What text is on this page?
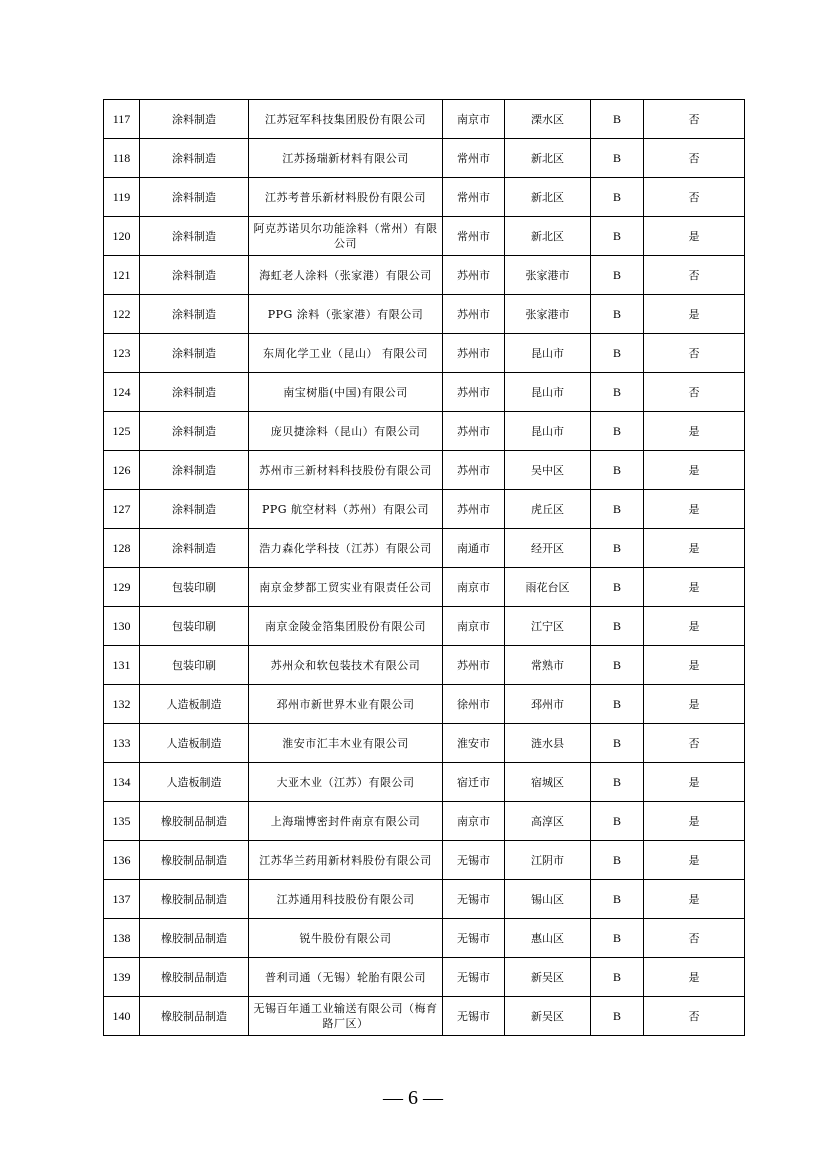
117	涂料制造	江苏冠军科技集团股份有限公司	南京市	溧水区	B	否
118	涂料制造	江苏扬瑞新材料有限公司	常州市	新北区	B	否
119	涂料制造	江苏考普乐新材料股份有限公司	常州市	新北区	B	否
120	涂料制造	阿克苏诺贝尔功能涂料（常州）有限公司	常州市	新北区	B	是
121	涂料制造	海虹老人涂料（张家港）有限公司	苏州市	张家港市	B	否
122	涂料制造	PPG 涂料（张家港）有限公司	苏州市	张家港市	B	是
123	涂料制造	东周化学工业（昆山） 有限公司	苏州市	昆山市	B	否
124	涂料制造	南宝树脂(中国)有限公司	苏州市	昆山市	B	否
125	涂料制造	庞贝捷涂料（昆山）有限公司	苏州市	昆山市	B	是
126	涂料制造	苏州市三新材料科技股份有限公司	苏州市	吴中区	B	是
127	涂料制造	PPG 航空材料（苏州）有限公司	苏州市	虎丘区	B	是
128	涂料制造	浩力森化学科技（江苏）有限公司	南通市	经开区	B	是
129	包装印刷	南京金梦都工贸实业有限责任公司	南京市	雨花台区	B	是
130	包装印刷	南京金陵金箔集团股份有限公司	南京市	江宁区	B	是
131	包装印刷	苏州众和软包装技术有限公司	苏州市	常熟市	B	是
132	人造板制造	邳州市新世界木业有限公司	徐州市	邳州市	B	是
133	人造板制造	淮安市汇丰木业有限公司	淮安市	涟水县	B	否
134	人造板制造	大亚木业（江苏）有限公司	宿迁市	宿城区	B	是
135	橡胶制品制造	上海瑞博密封件南京有限公司	南京市	高淳区	B	是
136	橡胶制品制造	江苏华兰药用新材料股份有限公司	无锡市	江阴市	B	是
137	橡胶制品制造	江苏通用科技股份有限公司	无锡市	锡山区	B	是
138	橡胶制品制造	锐牛股份有限公司	无锡市	惠山区	B	否
139	橡胶制品制造	普利司通（无锡）轮胎有限公司	无锡市	新吴区	B	是
140	橡胶制品制造	无锡百年通工业输送有限公司（梅育路厂区）	无锡市	新吴区	B	否
— 6 —
